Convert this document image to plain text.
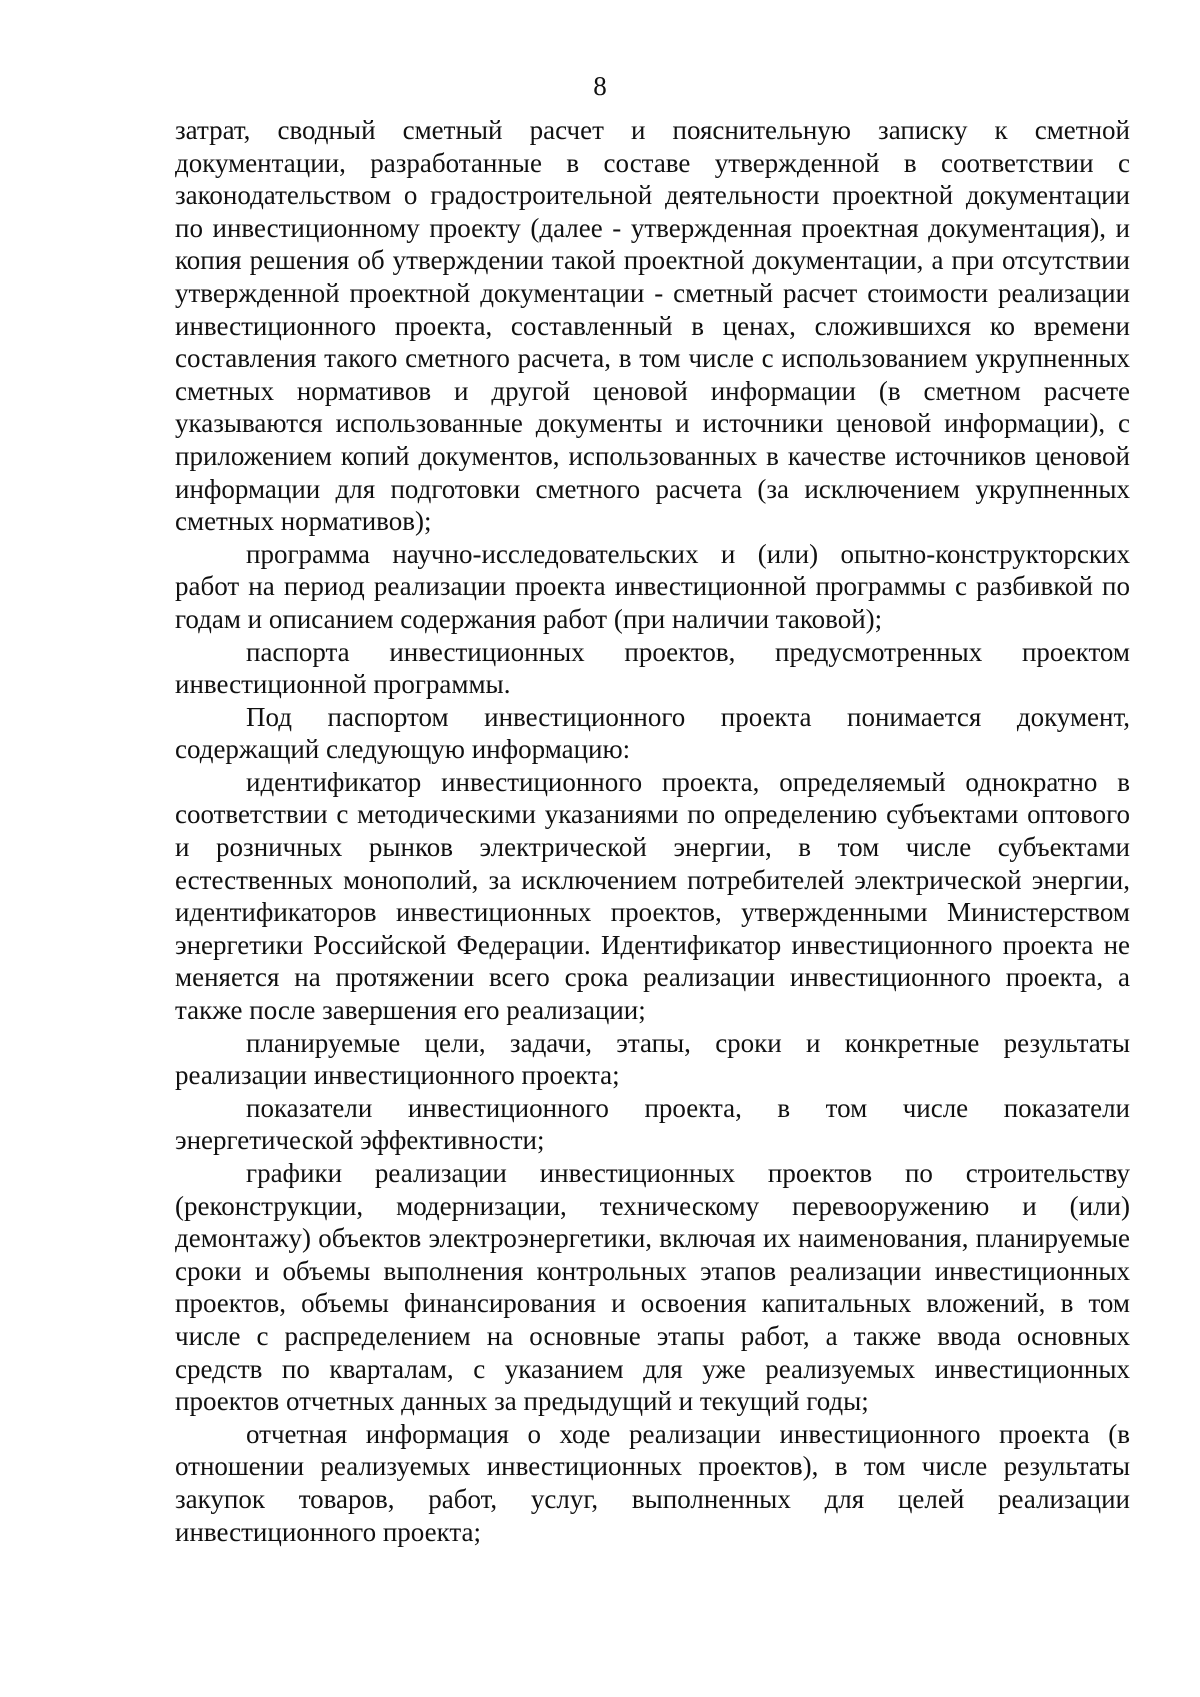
8

затрат, сводный сметный расчет и пояснительную записку к сметной документации, разработанные в составе утвержденной в соответствии с законодательством о градостроительной деятельности проектной документации по инвестиционному проекту (далее - утвержденная проектная документация), и копия решения об утверждении такой проектной документации, а при отсутствии утвержденной проектной документации - сметный расчет стоимости реализации инвестиционного проекта, составленный в ценах, сложившихся ко времени составления такого сметного расчета, в том числе с использованием укрупненных сметных нормативов и другой ценовой информации (в сметном расчете указываются использованные документы и источники ценовой информации), с приложением копий документов, использованных в качестве источников ценовой информации для подготовки сметного расчета (за исключением укрупненных сметных нормативов);

программа научно-исследовательских и (или) опытно-конструкторских работ на период реализации проекта инвестиционной программы с разбивкой по годам и описанием содержания работ (при наличии таковой);

паспорта инвестиционных проектов, предусмотренных проектом инвестиционной программы.

Под паспортом инвестиционного проекта понимается документ, содержащий следующую информацию:

идентификатор инвестиционного проекта, определяемый однократно в соответствии с методическими указаниями по определению субъектами оптового и розничных рынков электрической энергии, в том числе субъектами естественных монополий, за исключением потребителей электрической энергии, идентификаторов инвестиционных проектов, утвержденными Министерством энергетики Российской Федерации. Идентификатор инвестиционного проекта не меняется на протяжении всего срока реализации инвестиционного проекта, а также после завершения его реализации;

планируемые цели, задачи, этапы, сроки и конкретные результаты реализации инвестиционного проекта;

показатели инвестиционного проекта, в том числе показатели энергетической эффективности;

графики реализации инвестиционных проектов по строительству (реконструкции, модернизации, техническому перевооружению и (или) демонтажу) объектов электроэнергетики, включая их наименования, планируемые сроки и объемы выполнения контрольных этапов реализации инвестиционных проектов, объемы финансирования и освоения капитальных вложений, в том числе с распределением на основные этапы работ, а также ввода основных средств по кварталам, с указанием для уже реализуемых инвестиционных проектов отчетных данных за предыдущий и текущий годы;

отчетная информация о ходе реализации инвестиционного проекта (в отношении реализуемых инвестиционных проектов), в том числе результаты закупок товаров, работ, услуг, выполненных для целей реализации инвестиционного проекта;
